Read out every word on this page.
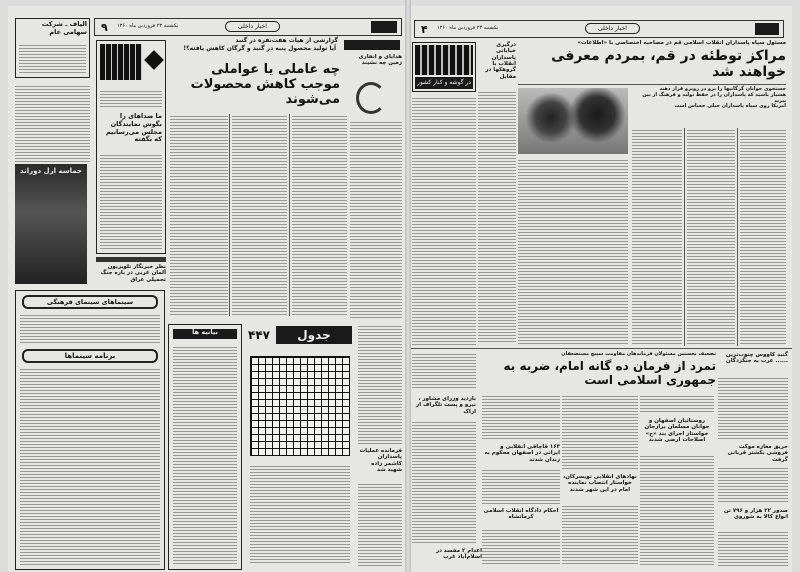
الیاف ـ شرکت سهامی عام ۹ یکشنبه ۲۳ فروردین ماه ۱۳۶۰	اخبار داخلی
ما صداهای را بگوش نمایندگان مجلس می‌رسانیم که بگفته
گزارشی از هیات هفت‌نفره در گنبد
آیا تولید محصول پنبه در گنبد و گرگان کاهش یافته؟!
چه عاملی یا عواملی موجب کاهش محصولات می‌شوند
هدایای و انفاری زمین چه نشیند
حماسه ارل دوراند
نظر خبرنگار تلویزیون آلمان غربی در باره جنگ تحمیلی عراق
سینماهای سینمای فرهنگی
برنامه سینماها
بیانیه ها	۴۴۷	جدول
فرمانده عملیات پاسداران کاشمر زاده شهید شد
۴ یکشنبه ۲۳ فروردین ماه ۱۳۶۰	اخبار داخلی
مسئول سپاه پاسداران انقلاب اسلامی قم در مصاحبه اختصاصی با «اطلاعات»
مراکز توطئه در قم، بمردم معرفی خواهند شد
جستجوی جوانان گرگانیها را برو در روبرو قرار دهند
هشیار باشید که پاسداران را در حفظ تولید و فرهنگ از بین ببرند
امریکا روی سپاه پاسداران خیلی حساس است
در گوشه و کنار کشور
درگیری خیابانی پاسداران انقلاب با گروهکها در مقابل
تضعیف نخستین مسئولان فرماندهان مقاومت سپیچ مستضعفان
تمرد از فرمان ده گانه امام، ضربه به جمهوری اسلامی است
بازدید وزرای مشاور ، نیرو و پست تلگراف از اراک
اعدام ۲ مفسد در اسلام‌آباد غرب
۱۶۳ قاچاقی انقلابی و ایرانی در اصفهان محکوم به زندان شدند
احکام دادگاه انقلاب اسلامی کرمانشاه
نهادهای انقلابی تویسرکان، خواستار انتصاب نماینده امام در این شهر شدند
روستائیان اصفهان و جوانان مسلمان برازجان خواستار اجرای بند «ج» اصلاحات ارضی شدند
گنبد کاووس چتوب‌ترین ...... عرب به جنگزدگان
حریق مغازه موکت فروشی بکشتر قربانی گرفت
صدور ۲۲ هزار و ۷۹۶ تن انواع کالا به شوروی
